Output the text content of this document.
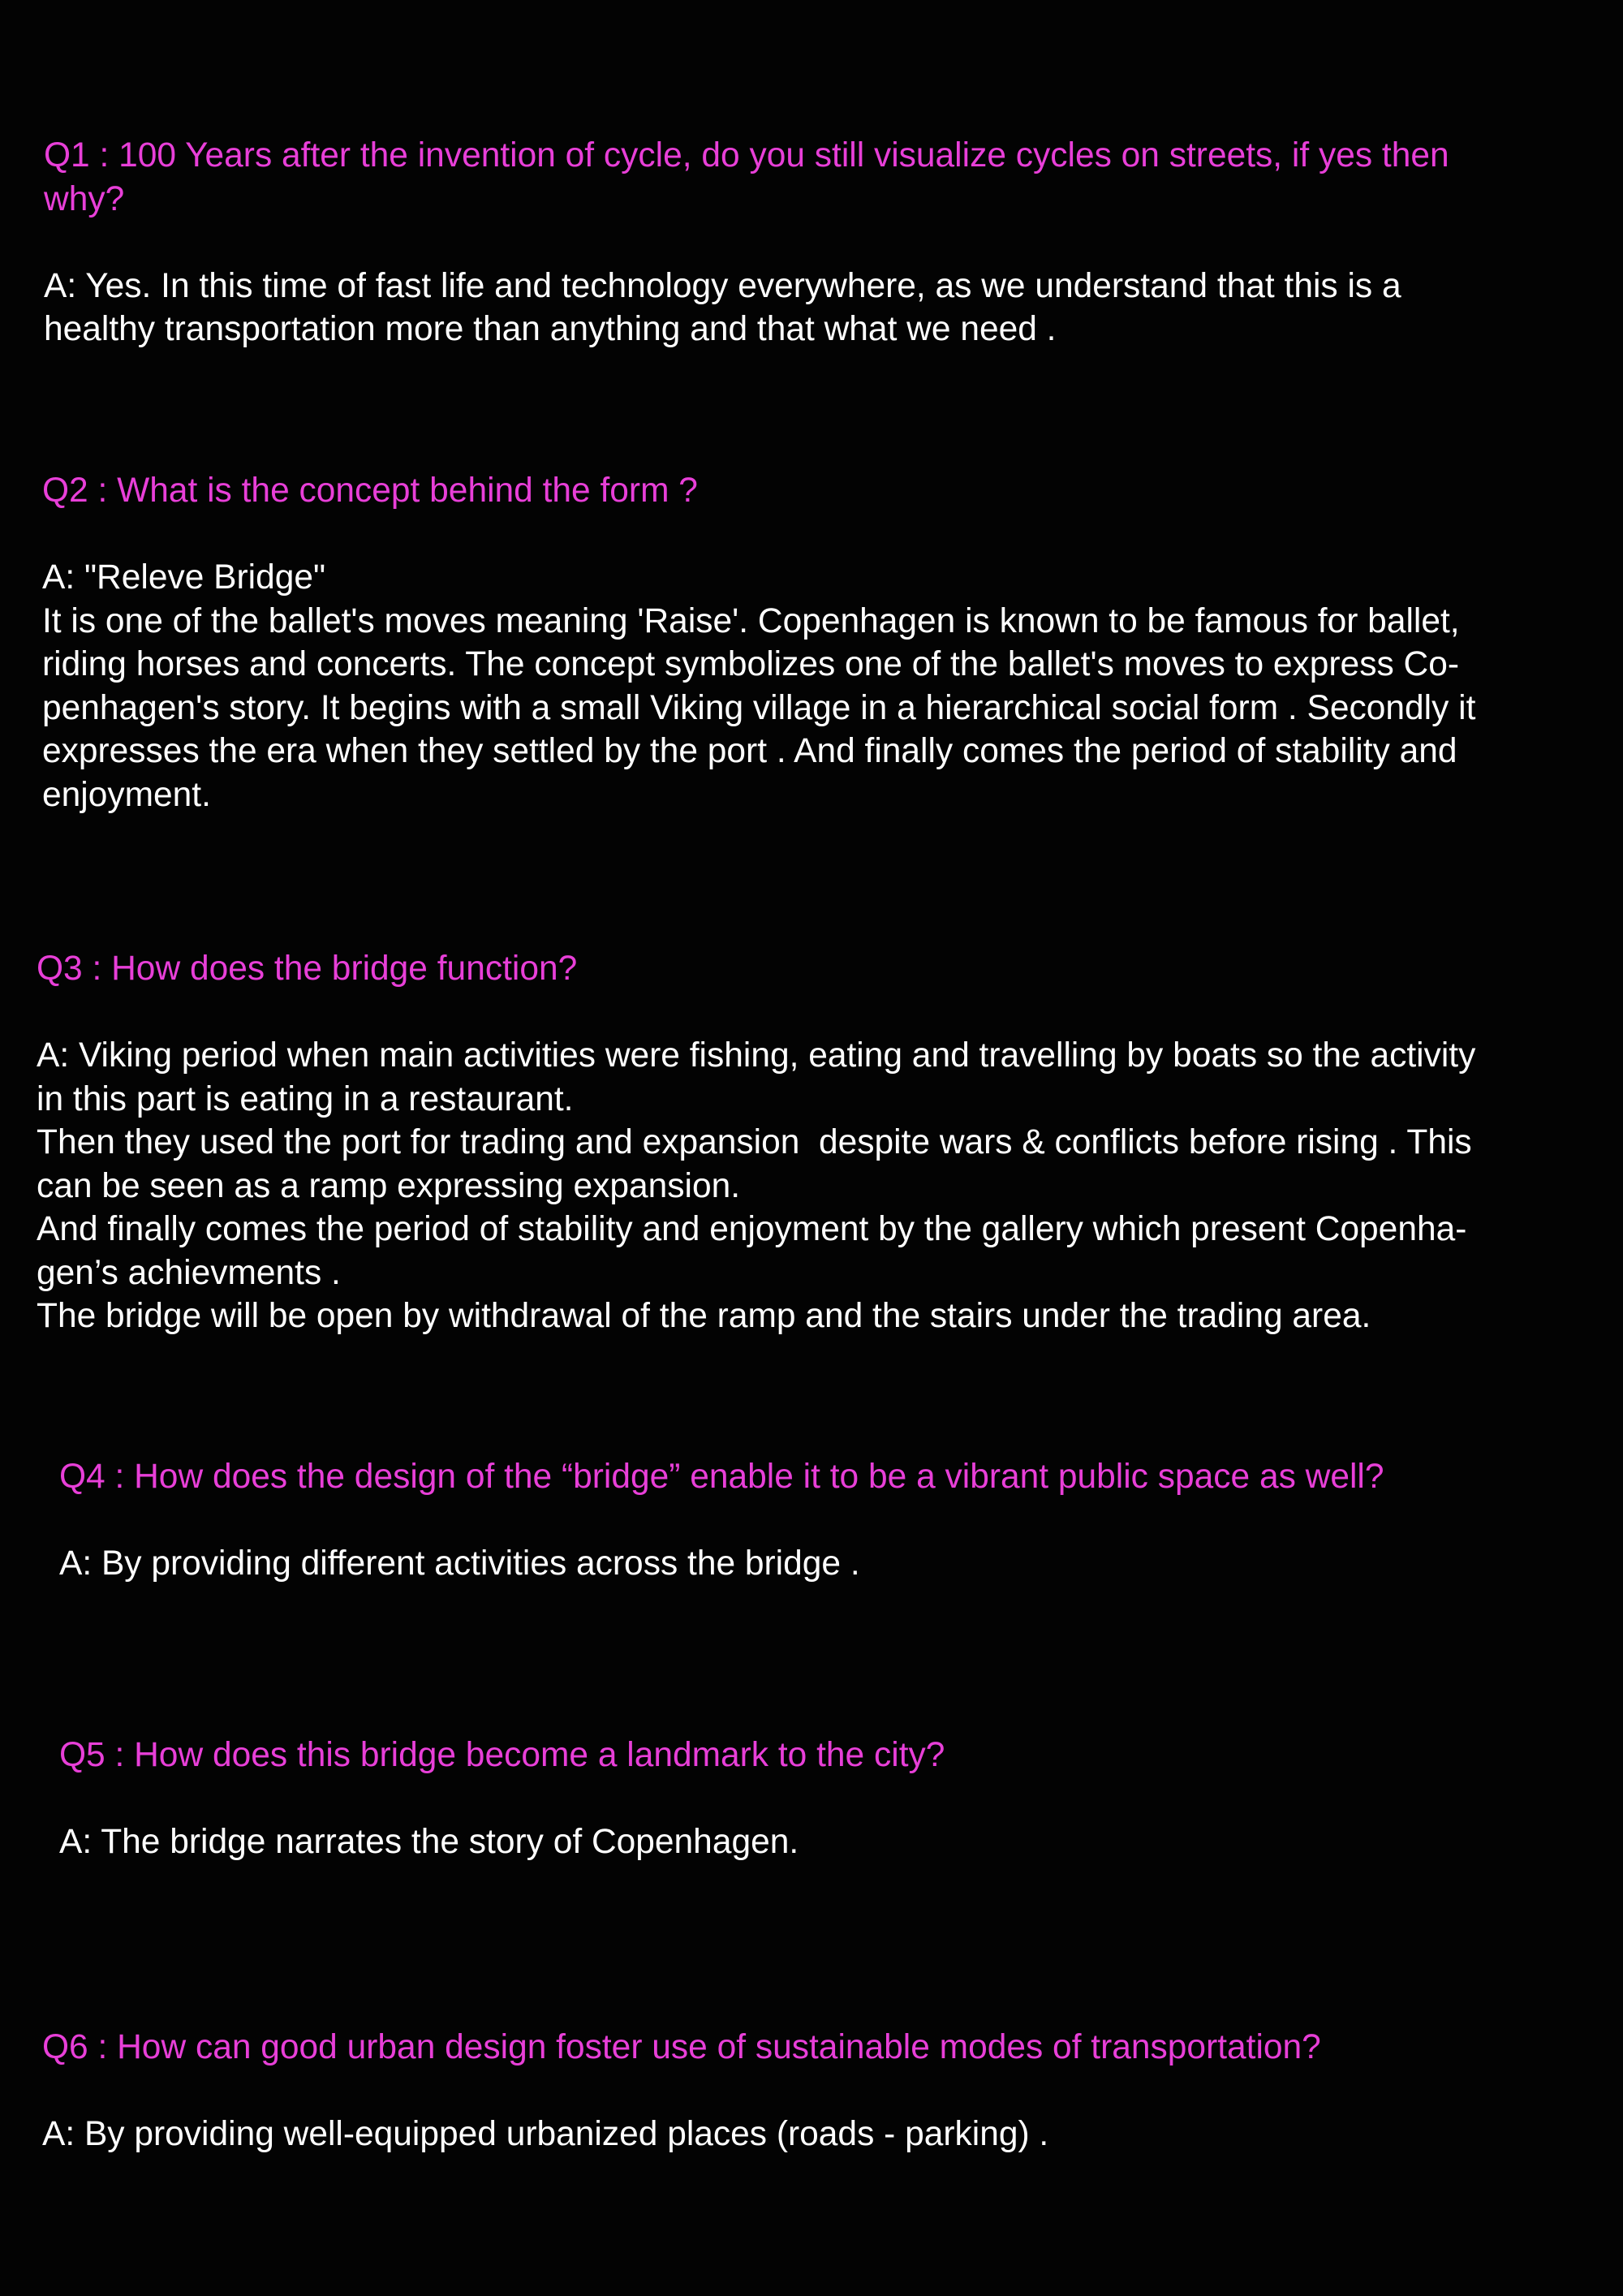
Q1 : 100 Years after the invention of cycle, do you still visualize cycles on streets, if yes then
why?

A: Yes. In this time of fast life and technology everywhere, as we understand that this is a
healthy transportation more than anything and that what we need .

Q2 : What is the concept behind the form ?

A: "Releve Bridge"
It is one of the ballet's moves meaning 'Raise'. Copenhagen is known to be famous for ballet,
riding horses and concerts. The concept symbolizes one of the ballet's moves to express Co-
penhagen's story. It begins with a small Viking village in a hierarchical social form . Secondly it
expresses the era when they settled by the port . And finally comes the period of stability and
enjoyment.

Q3 : How does the bridge function?

A: Viking period when main activities were fishing, eating and travelling by boats so the activity
in this part is eating in a restaurant.
Then they used the port for trading and expansion  despite wars & conflicts before rising . This
can be seen as a ramp expressing expansion.
And finally comes the period of stability and enjoyment by the gallery which present Copenha-
gen’s achievments .
The bridge will be open by withdrawal of the ramp and the stairs under the trading area.

Q4 : How does the design of the “bridge” enable it to be a vibrant public space as well?

A: By providing different activities across the bridge .

Q5 : How does this bridge become a landmark to the city?

A: The bridge narrates the story of Copenhagen.

Q6 : How can good urban design foster use of sustainable modes of transportation?

A: By providing well-equipped urbanized places (roads - parking) .
